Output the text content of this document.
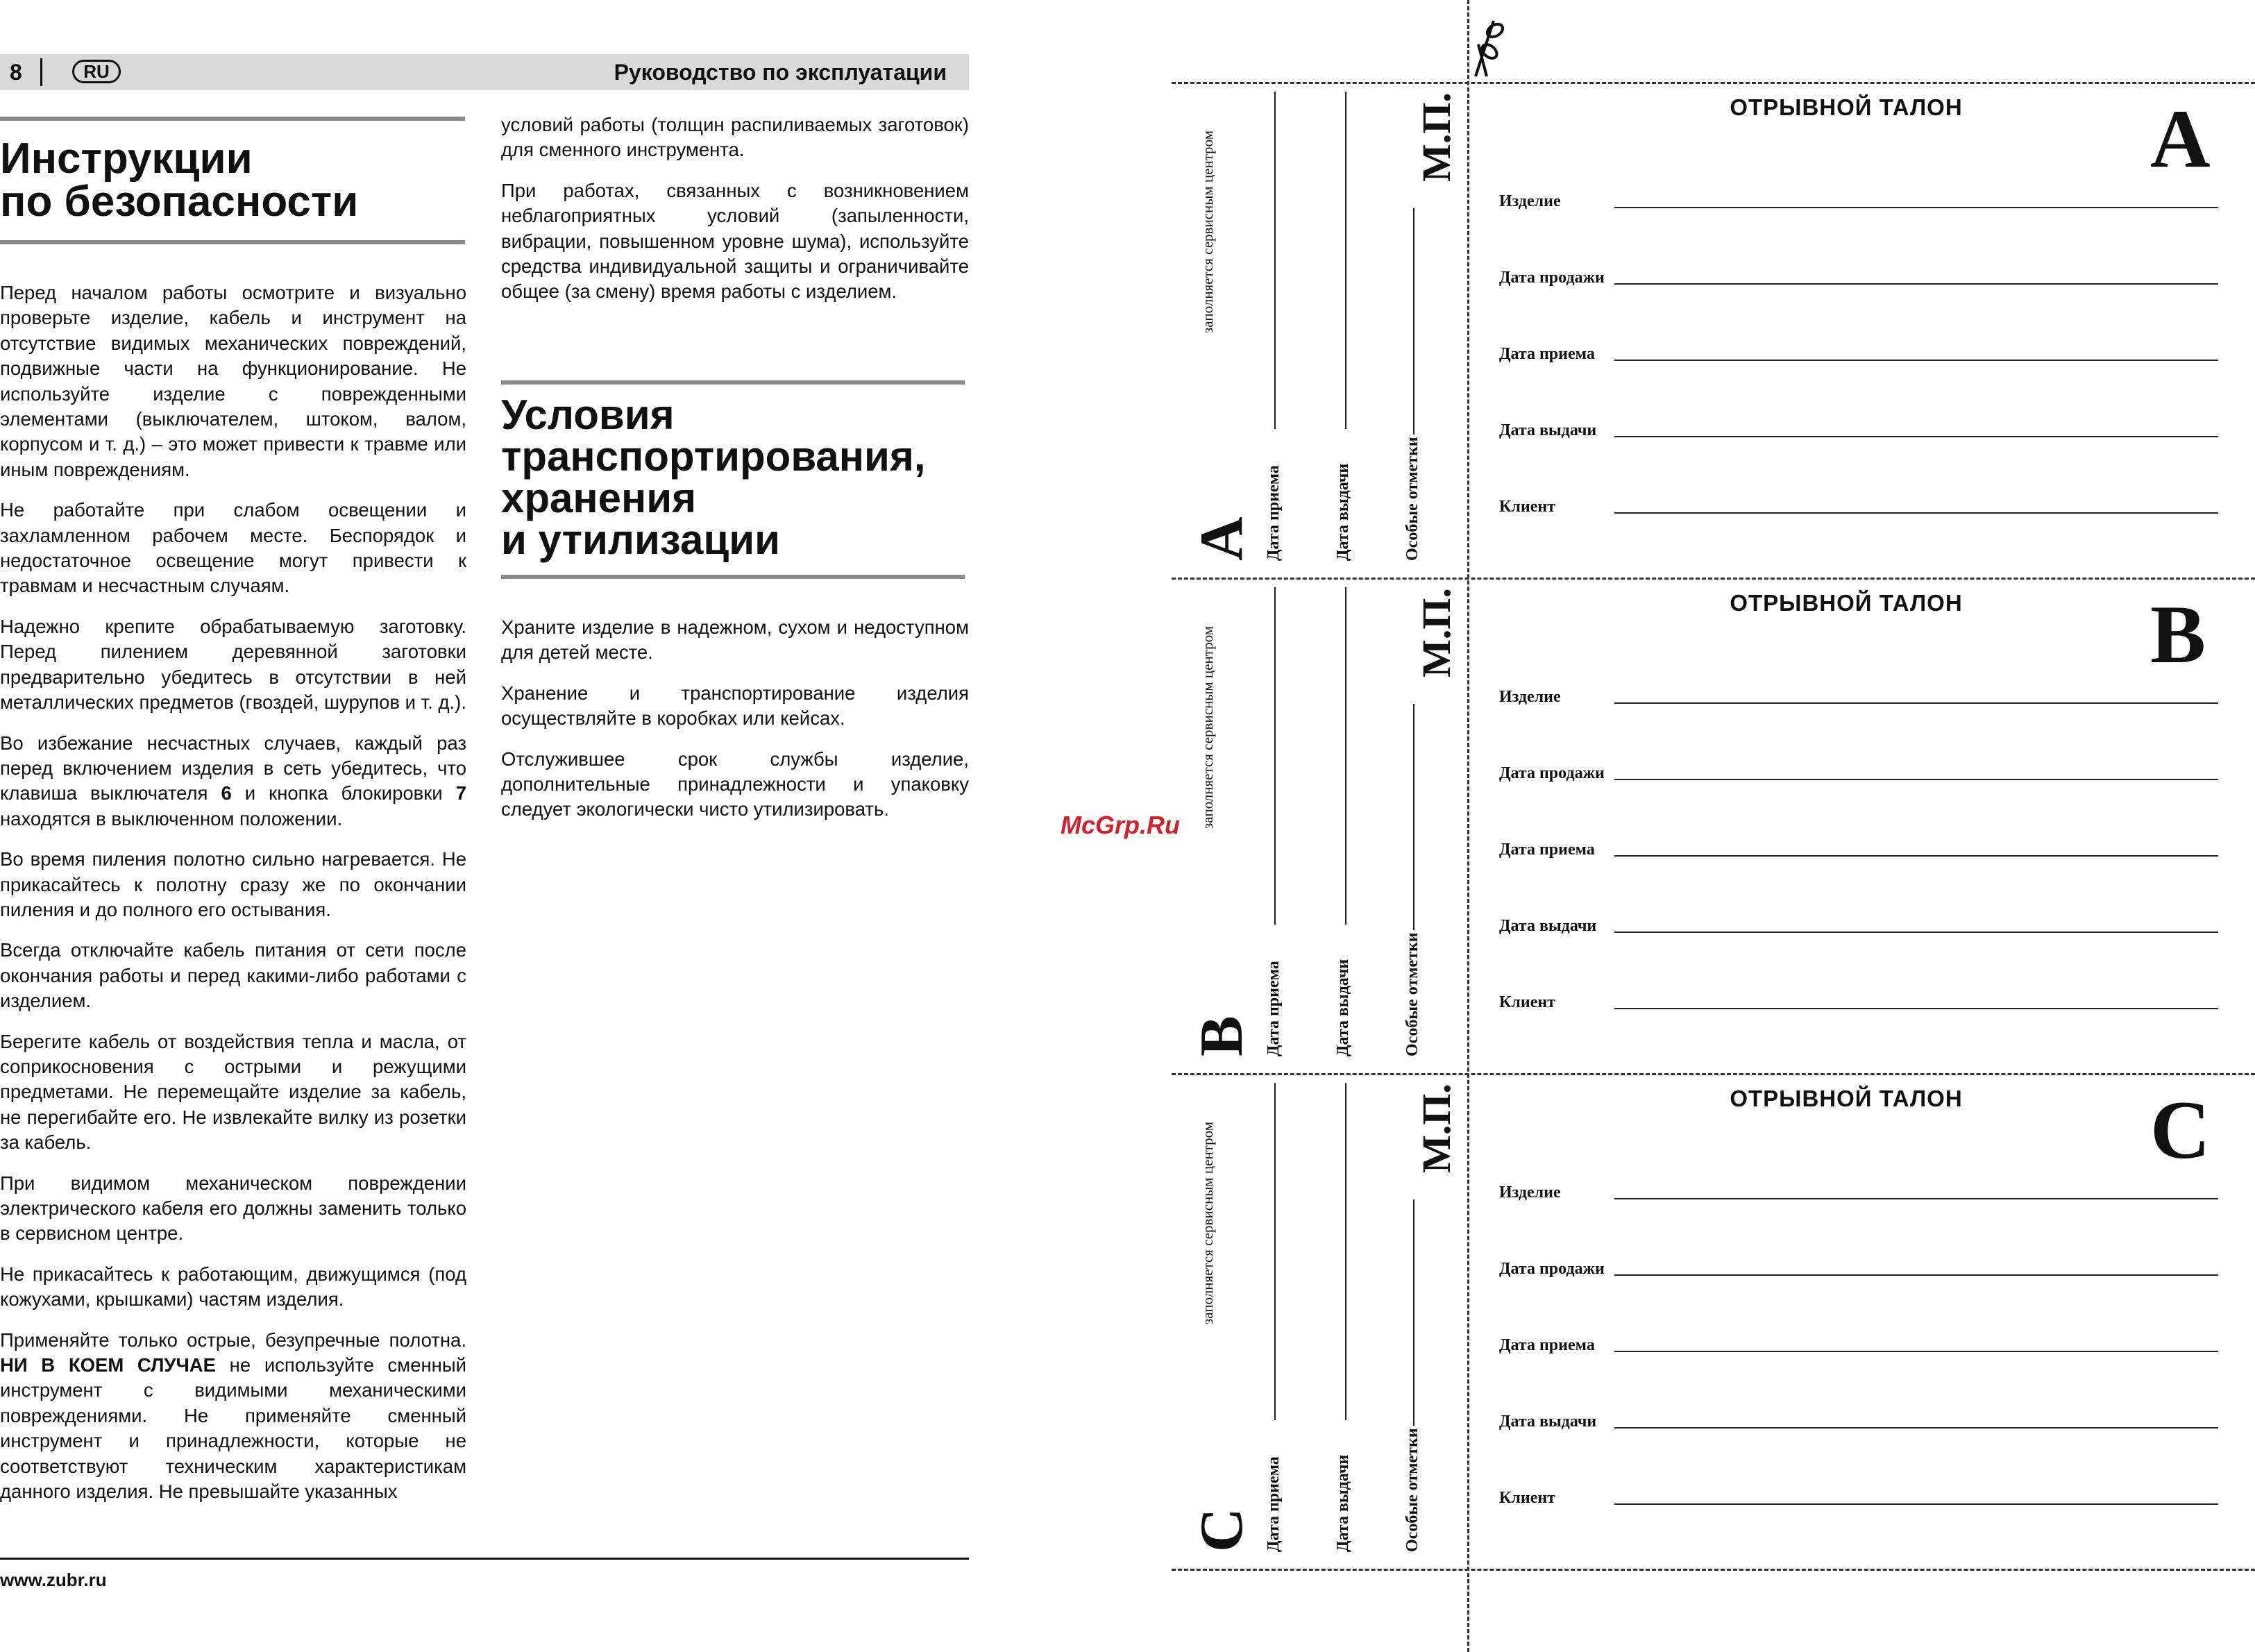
8	RU	Руководство по эксплуатации
Инструкции
по безопасности

Перед началом работы осмотрите и визуально проверьте изделие, кабель и инструмент на отсутствие видимых механических повреждений, подвижные части на функционирование. Не используйте изделие с поврежденными элементами (выключателем, штоком, валом, корпусом и т. д.) – это может привести к травме или иным повреждениям.

Не работайте при слабом освещении и захламленном рабочем месте. Беспорядок и недостаточное освещение могут привести к травмам и несчастным случаям.

Надежно крепите обрабатываемую заготовку. Перед пилением деревянной заготовки предварительно убедитесь в отсутствии в ней металлических предметов (гвоздей, шурупов и т. д.).

Во избежание несчастных случаев, каждый раз перед включением изделия в сеть убедитесь, что клавиша выключателя 6 и кнопка блокировки 7 находятся в выключенном положении.

Во время пиления полотно сильно нагревается. Не прикасайтесь к полотну сразу же по окончании пиления и до полного его остывания.

Всегда отключайте кабель питания от сети после окончания работы и перед какими-либо работами с изделием.

Берегите кабель от воздействия тепла и масла, от соприкосновения с острыми и режущими предметами. Не перемещайте изделие за кабель, не перегибайте его. Не извлекайте вилку из розетки за кабель.

При видимом механическом повреждении электрического кабеля его должны заменить только в сервисном центре.

Не прикасайтесь к работающим, движущимся (под кожухами, крышками) частям изделия.

Применяйте только острые, безупречные полотна. НИ В КОЕМ СЛУЧАЕ не используйте сменный инструмент с видимыми механическими повреждениями. Не применяйте сменный инструмент и принадлежности, которые не соответствуют техническим характеристикам данного изделия. Не превышайте указанных

условий работы (толщин распиливаемых заготовок) для сменного инструмента.

При работах, связанных с возникновением неблагоприятных условий (запыленности, вибрации, повышенном уровне шума), используйте средства индивидуальной защиты и ограничивайте общее (за смену) время работы с изделием.

Условия
транспортирования,
хранения
и утилизации

Храните изделие в надежном, сухом и недоступном для детей месте.

Хранение и транспортирование изделия осуществляйте в коробках или кейсах.

Отслужившее срок службы изделие, дополнительные принадлежности и упаковку следует экологически чисто утилизировать.

www.zubr.ru
McGrp.Ru
A
заполняется сервисным центром
Дата приема	Дата выдачи	Особые отметки
М.П.	ОТРЫВНОЙ ТАЛОН	A
Изделие
Дата продажи
Дата приема
Дата выдачи
Клиент
B
заполняется сервисным центром
Дата приема	Дата выдачи	Особые отметки
М.П.	ОТРЫВНОЙ ТАЛОН	B
Изделие
Дата продажи
Дата приема
Дата выдачи
Клиент
C
заполняется сервисным центром
Дата приема	Дата выдачи	Особые отметки
М.П.	ОТРЫВНОЙ ТАЛОН	C
Изделие
Дата продажи
Дата приема
Дата выдачи
Клиент
